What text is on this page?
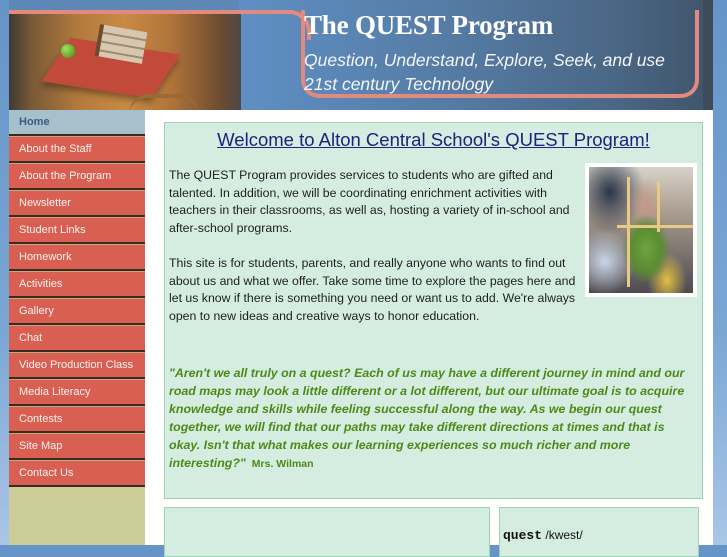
The QUEST Program
Question, Understand, Explore, Seek, and use 21st century Technology
Home
About the Staff
About the Program
Newsletter
Student Links
Homework
Activities
Gallery
Chat
Video Production Class
Media Literacy
Contests
Site Map
Contact Us
Welcome to Alton Central School's QUEST Program!

The QUEST Program provides services to students who are gifted and talented. In addition, we will be coordinating enrichment activities with teachers in their classrooms, as well as, hosting a variety of in-school and after-school programs.

This site is for students, parents, and really anyone who wants to find out about us and what we offer. Take some time to explore the pages here and let us know if there is something you need or want us to add. We're always open to new ideas and creative ways to honor education.

"Aren't we all truly on a quest? Each of us may have a different journey in mind and our road maps may look a little different or a lot different, but our ultimate goal is to acquire knowledge and skills while feeling successful along the way. As we begin our quest together, we will find that our paths may take different directions at times and that is okay. Isn't that what makes our learning experiences so much richer and more interesting?" Mrs. Wilman
quest /kwest/
